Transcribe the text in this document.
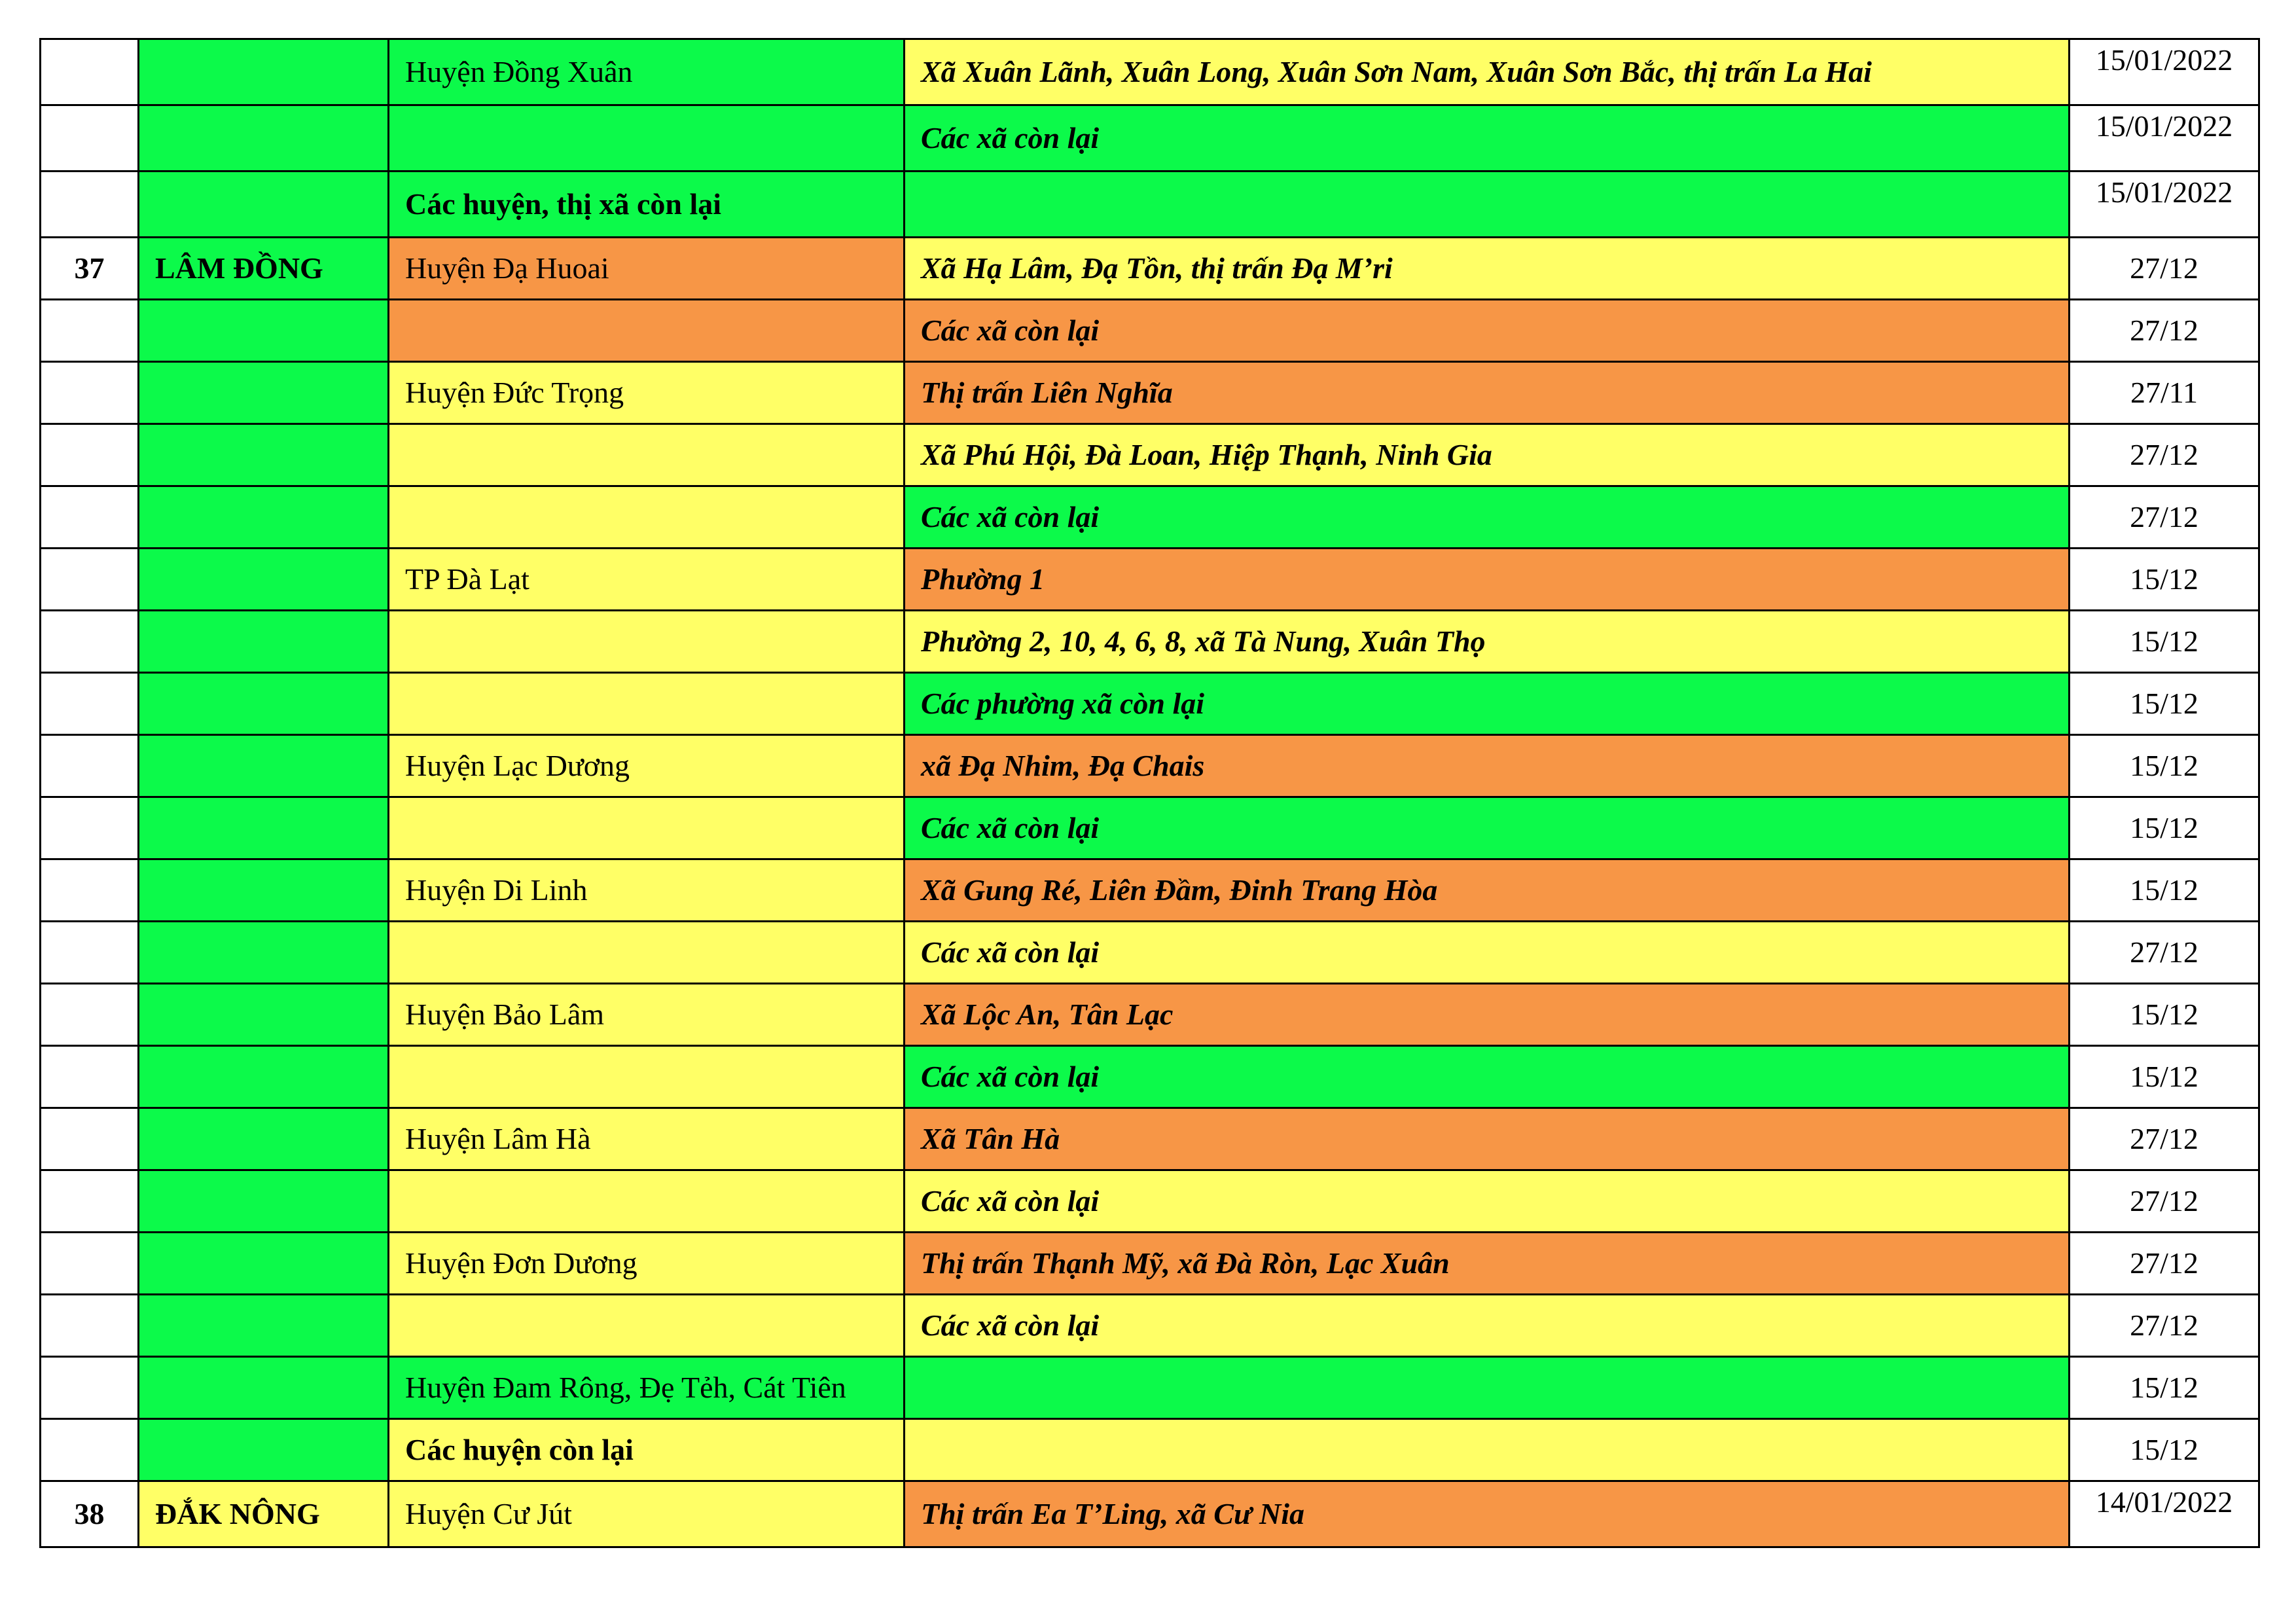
		Huyện Đồng Xuân	Xã Xuân Lãnh, Xuân Long, Xuân Sơn Nam, Xuân Sơn Bắc, thị trấn La Hai	15/01/2022
			Các xã còn lại	15/01/2022
		Các huyện, thị xã còn lại		15/01/2022
37	LÂM ĐỒNG	Huyện Đạ Huoai	Xã Hạ Lâm, Đạ Tồn, thị trấn Đạ M’ri	27/12
			Các xã còn lại	27/12
		Huyện Đức Trọng	Thị trấn Liên Nghĩa	27/11
			Xã Phú Hội, Đà Loan, Hiệp Thạnh, Ninh Gia	27/12
			Các xã còn lại	27/12
		TP Đà Lạt	Phường 1	15/12
			Phường 2, 10, 4, 6, 8, xã Tà Nung, Xuân Thọ	15/12
			Các phường xã còn lại	15/12
		Huyện Lạc Dương	xã Đạ Nhim, Đạ Chais	15/12
			Các xã còn lại	15/12
		Huyện Di Linh	Xã Gung Ré, Liên Đầm, Đinh Trang Hòa	15/12
			Các xã còn lại	27/12
		Huyện Bảo Lâm	Xã Lộc An, Tân Lạc	15/12
			Các xã còn lại	15/12
		Huyện Lâm Hà	Xã Tân Hà	27/12
			Các xã còn lại	27/12
		Huyện Đơn Dương	Thị trấn Thạnh Mỹ, xã Đà Ròn, Lạc Xuân	27/12
			Các xã còn lại	27/12
		Huyện Đam Rông, Đẹ Tẻh, Cát Tiên		15/12
		Các huyện còn lại		15/12
38	ĐẮK NÔNG	Huyện Cư Jút	Thị trấn Ea T’Ling, xã Cư Nia	14/01/2022
